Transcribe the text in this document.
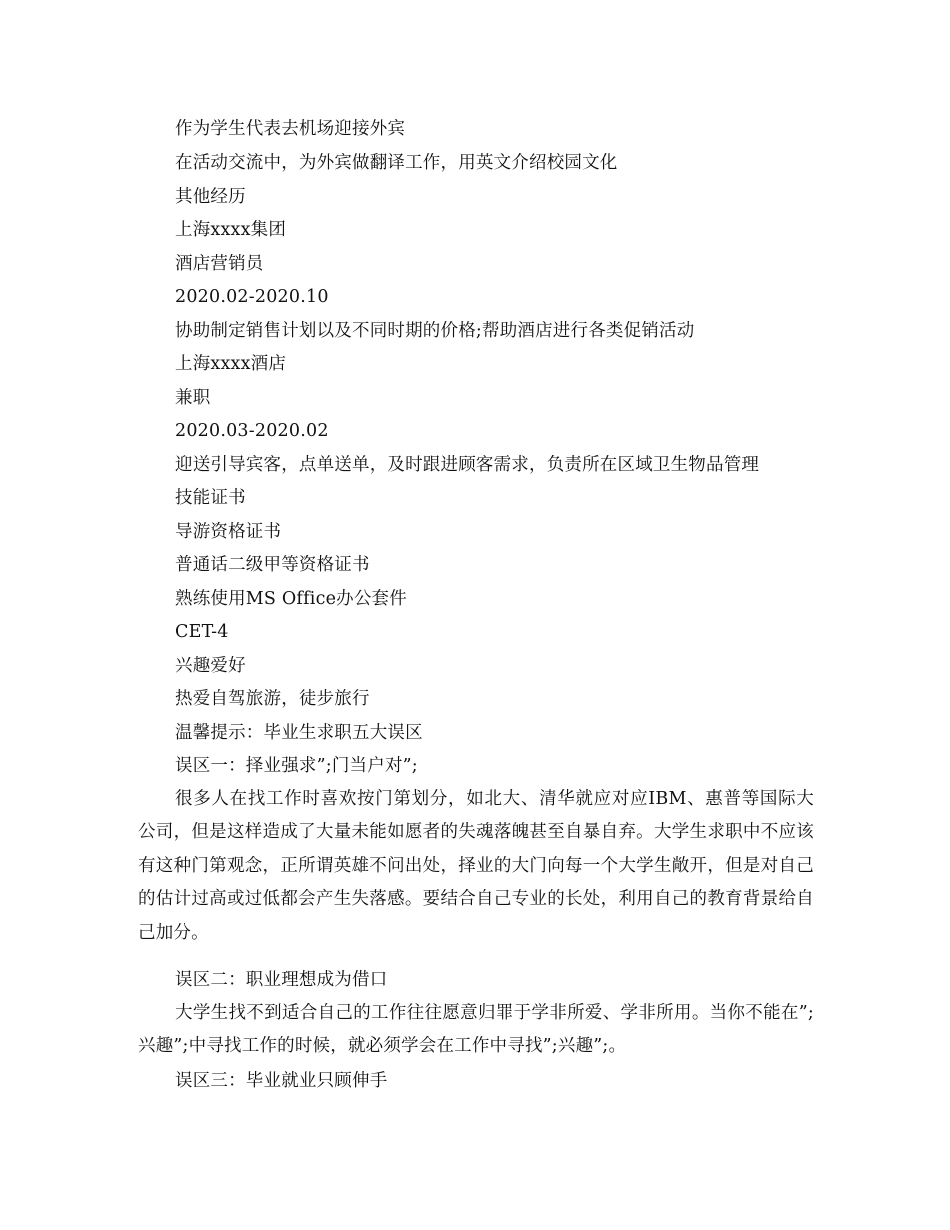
作为学生代表去机场迎接外宾
在活动交流中，为外宾做翻译工作，用英文介绍校园文化
其他经历
上海xxxx集团
酒店营销员
2020.02-2020.10
协助制定销售计划以及不同时期的价格;帮助酒店进行各类促销活动
上海xxxx酒店
兼职
2020.03-2020.02
迎送引导宾客，点单送单，及时跟进顾客需求，负责所在区域卫生物品管理
技能证书
导游资格证书
普通话二级甲等资格证书
熟练使用MS Office办公套件
CET-4
兴趣爱好
热爱自驾旅游，徒步旅行
温馨提示：毕业生求职五大误区
误区一：择业强求”;门当户对”;
很多人在找工作时喜欢按门第划分，如北大、清华就应对应IBM、惠普等国际大公司，但是这样造成了大量未能如愿者的失魂落魄甚至自暴自弃。大学生求职中不应该有这种门第观念，正所谓英雄不问出处，择业的大门向每一个大学生敞开，但是对自己的估计过高或过低都会产生失落感。要结合自己专业的长处，利用自己的教育背景给自己加分。
误区二：职业理想成为借口
大学生找不到适合自己的工作往往愿意归罪于学非所爱、学非所用。当你不能在”;兴趣”;中寻找工作的时候，就必须学会在工作中寻找”;兴趣”;。
误区三：毕业就业只顾伸手
